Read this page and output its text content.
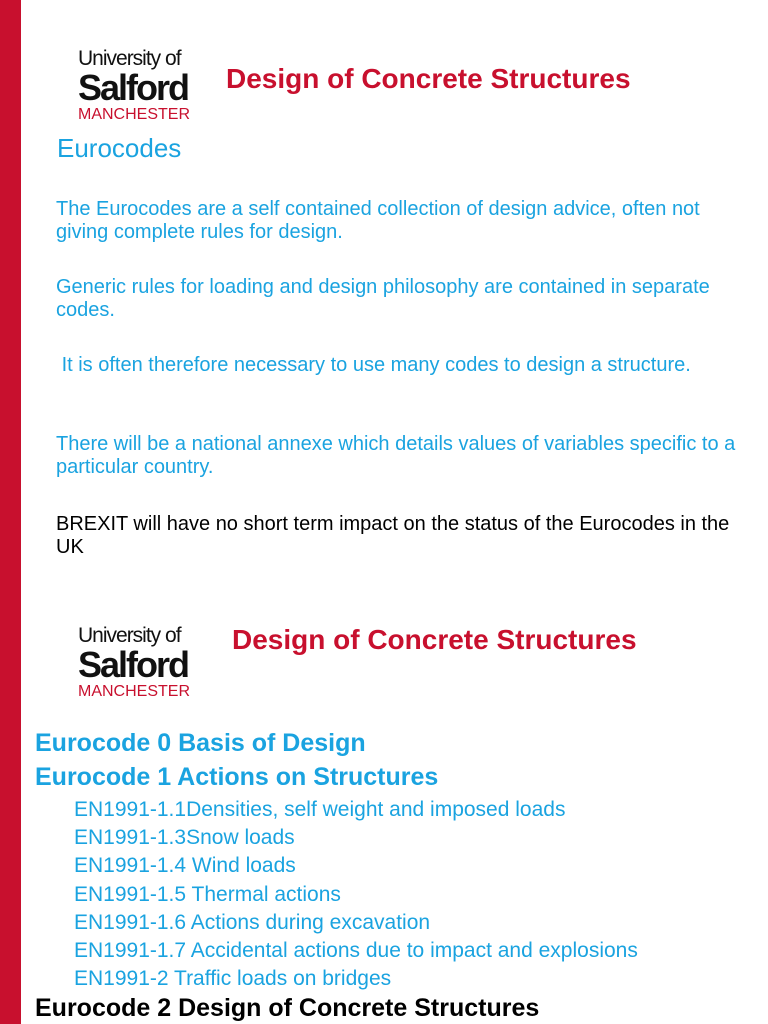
University of
Salford
MANCHESTER
Design of Concrete Structures
Eurocodes

The Eurocodes are a self contained collection of design advice, often not giving complete rules for design.

Generic rules for loading and design philosophy are contained in separate codes.

It is often therefore necessary to use many codes to design a structure.

There will be a national annexe which details values of variables specific to a particular country.

BREXIT will have no short term impact on the status of the Eurocodes in the UK

University of
Salford
MANCHESTER
Design of Concrete Structures
Eurocode 0 Basis of Design
Eurocode 1 Actions on Structures
EN1991-1.1Densities, self weight and imposed loads
EN1991-1.3Snow loads
EN1991-1.4 Wind loads
EN1991-1.5 Thermal actions
EN1991-1.6 Actions during excavation
EN1991-1.7 Accidental actions due to impact and explosions
EN1991-2 Traffic loads on bridges
Eurocode 2 Design of Concrete Structures
